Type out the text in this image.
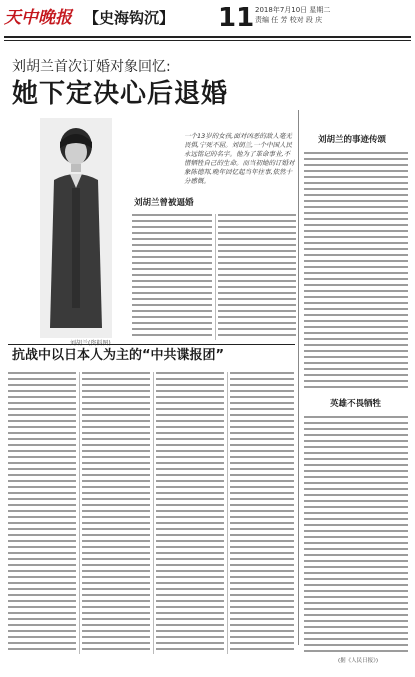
天中晚报 【史海钩沉】 11 2018年7月10日 星期二
责编 任 芳 校对 段 庆
刘胡兰首次订婚对象回忆:
她下定决心后退婚
一个13岁的女孩,面对凶恶的敌人毫无畏惧,宁死不屈。刘胡兰,一个中国人民永远铭记的名字。他为了革命事业,不惜牺牲自己的生命。而当初她的订婚对象陈德邦,晚年回忆起当年往事,依然十分感慨。
刘胡兰曾被逼婚
刘胡兰的事迹传颂
英雄不畏牺牲
(据《人民日报》)
抗战中以日本人为主的“中共谍报团”
